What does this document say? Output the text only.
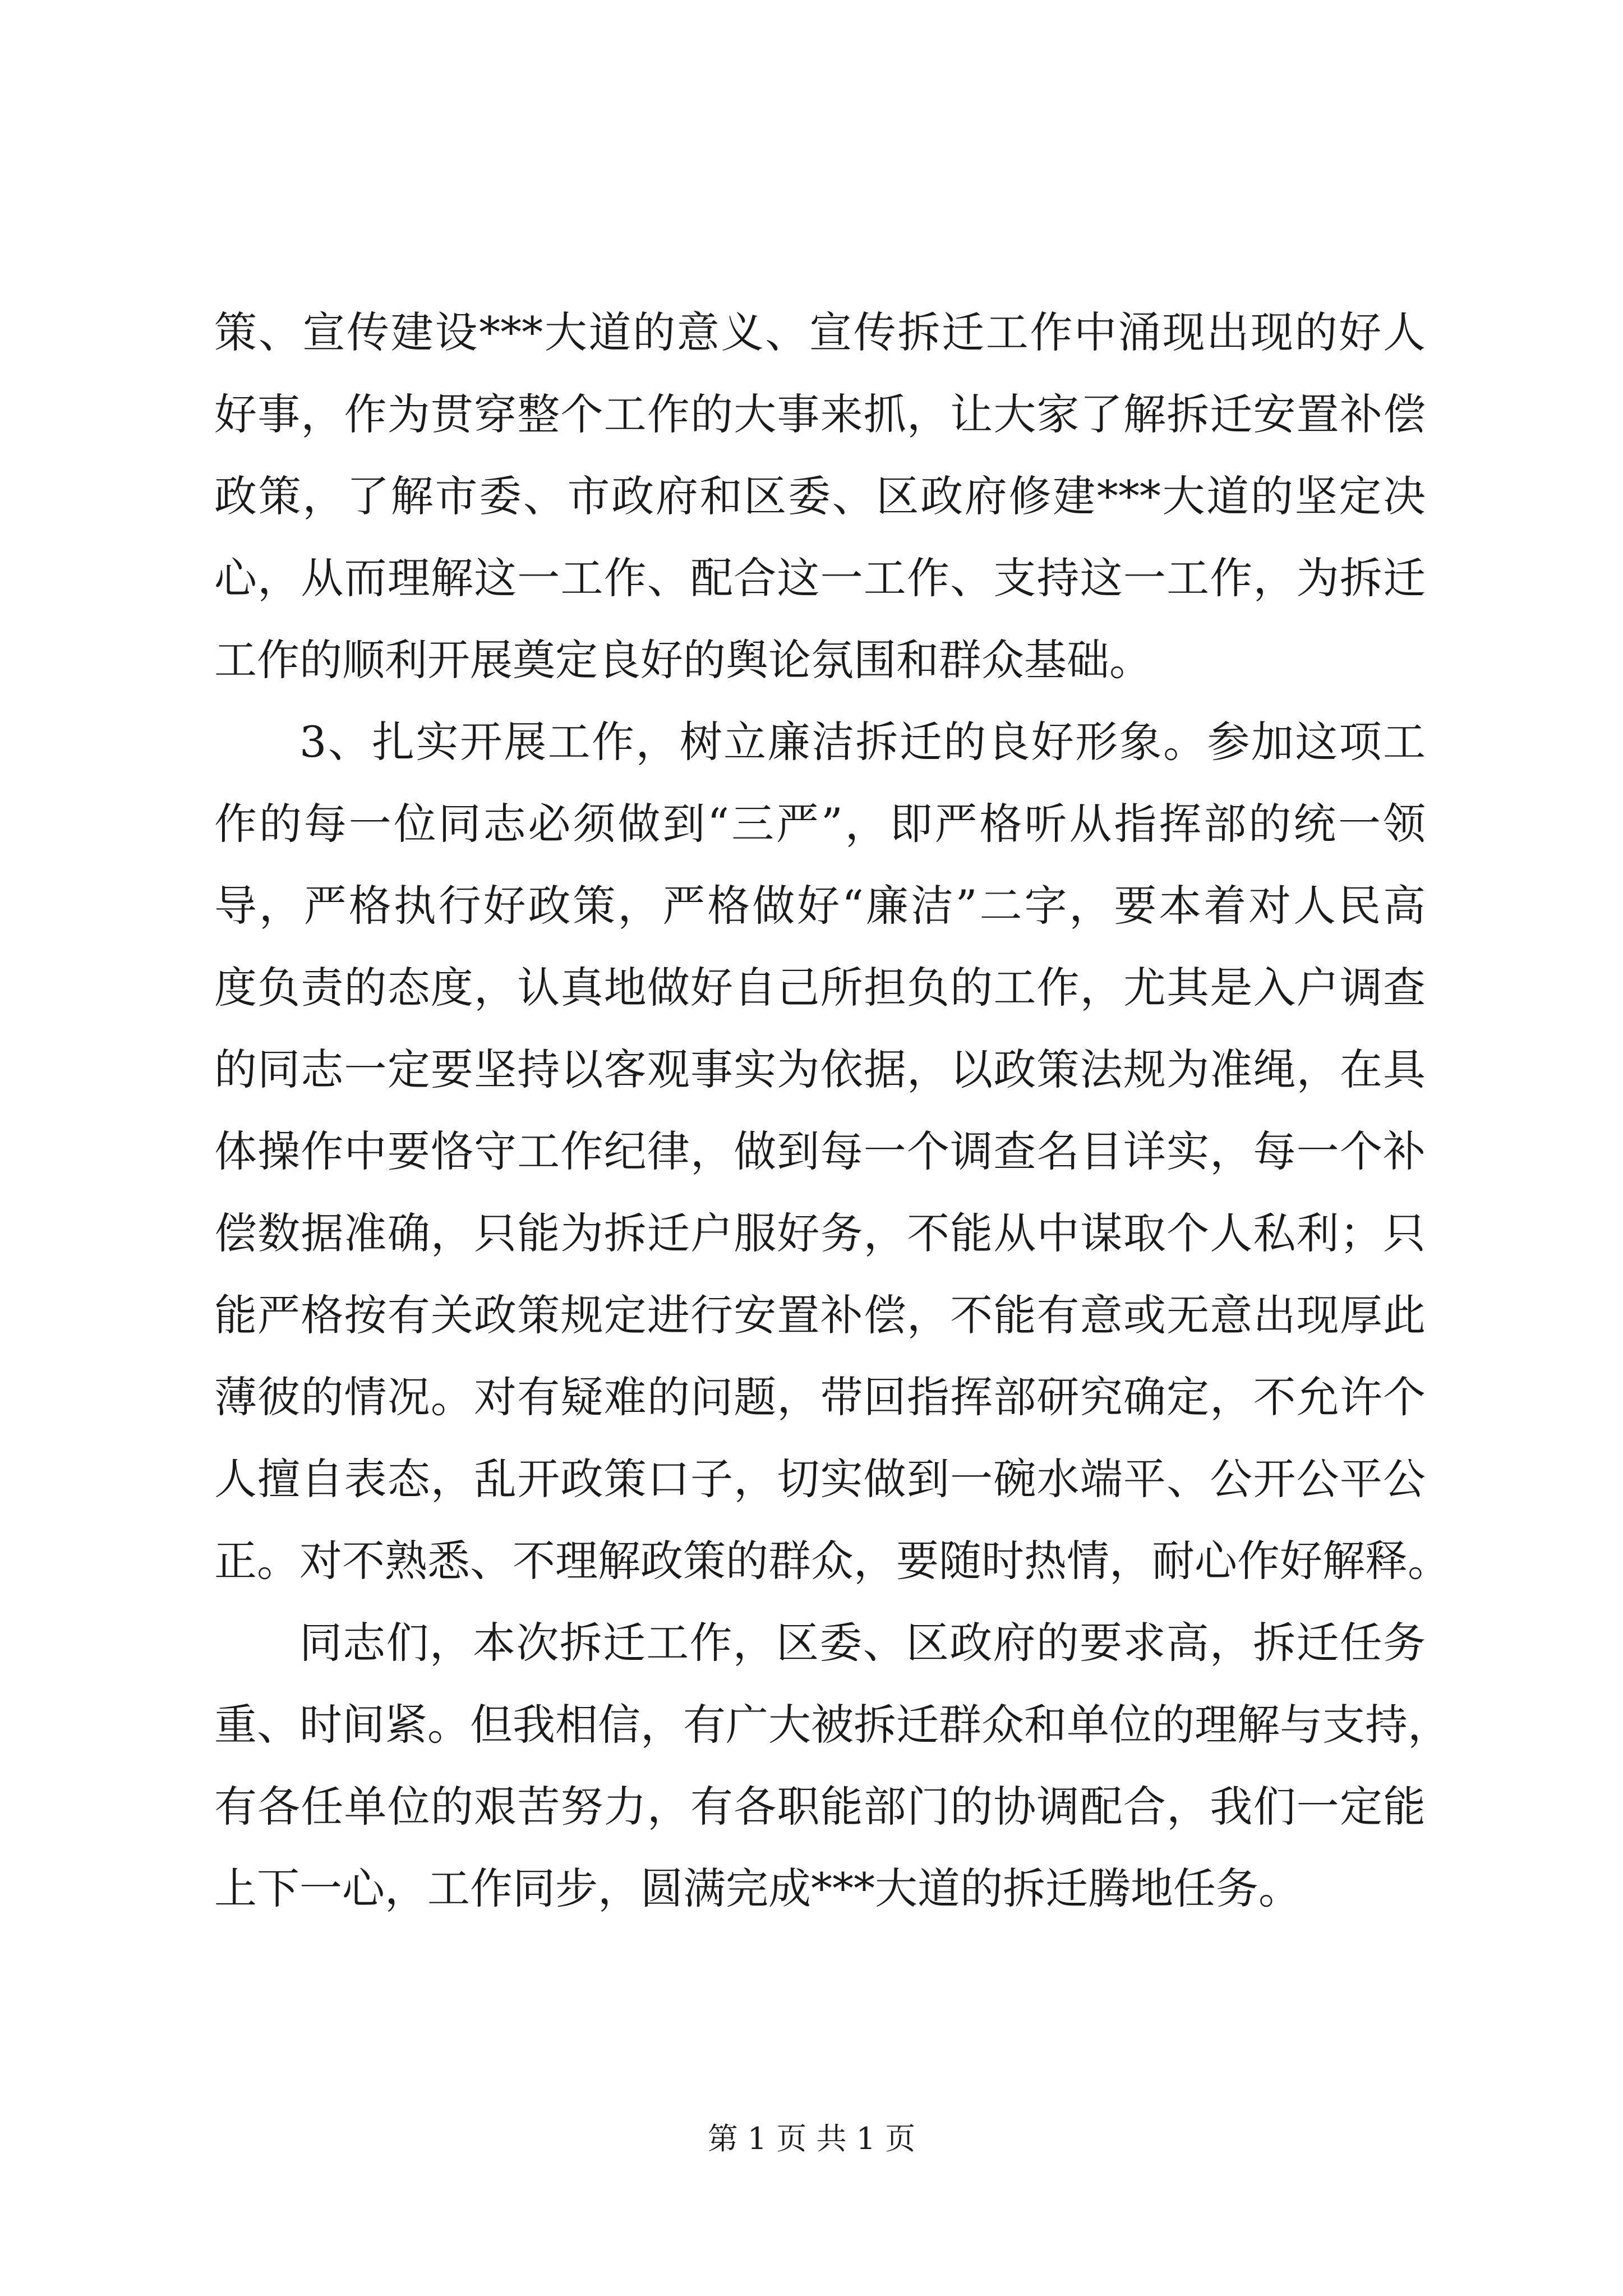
策、宣传建设***大道的意义、宣传拆迁工作中涌现出现的好人
好事，作为贯穿整个工作的大事来抓，让大家了解拆迁安置补偿
政策，了解市委、市政府和区委、区政府修建***大道的坚定决
心，从而理解这一工作、配合这一工作、支持这一工作，为拆迁
工作的顺利开展奠定良好的舆论氛围和群众基础。
3、扎实开展工作，树立廉洁拆迁的良好形象。参加这项工
作的每一位同志必须做到“三严”，即严格听从指挥部的统一领
导，严格执行好政策，严格做好“廉洁”二字，要本着对人民高
度负责的态度，认真地做好自己所担负的工作，尤其是入户调查
的同志一定要坚持以客观事实为依据，以政策法规为准绳，在具
体操作中要恪守工作纪律，做到每一个调查名目详实，每一个补
偿数据准确，只能为拆迁户服好务，不能从中谋取个人私利；只
能严格按有关政策规定进行安置补偿，不能有意或无意出现厚此
薄彼的情况。对有疑难的问题，带回指挥部研究确定，不允许个
人擅自表态，乱开政策口子，切实做到一碗水端平、公开公平公
正。对不熟悉、不理解政策的群众，要随时热情，耐心作好解释。
同志们，本次拆迁工作，区委、区政府的要求高，拆迁任务
重、时间紧。但我相信，有广大被拆迁群众和单位的理解与支持，
有各任单位的艰苦努力，有各职能部门的协调配合，我们一定能
上下一心，工作同步，圆满完成***大道的拆迁腾地任务。
第 1 页 共 1 页
